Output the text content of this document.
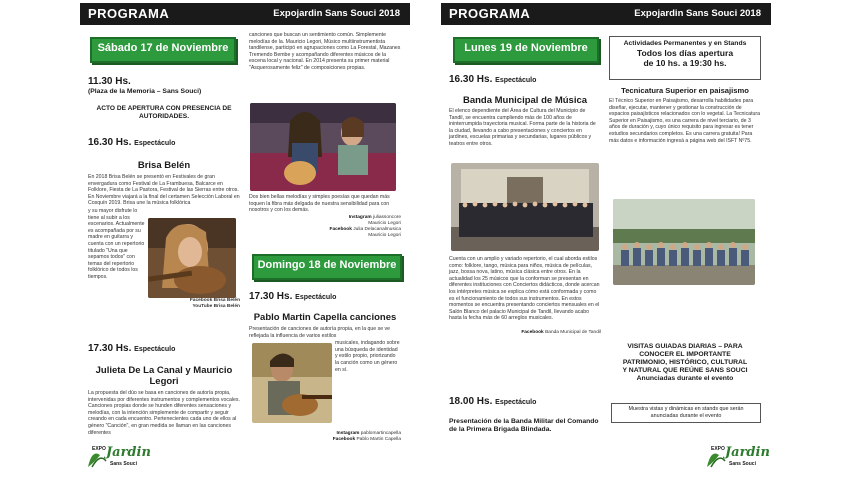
PROGRAMA	Expojardin Sans Souci 2018
Sábado 17 de Noviembre
11.30 Hs.
(Plaza de la Memoria – Sans Souci)
ACTO DE APERTURA CON PRESENCIA DE AUTORIDADES.
16.30 Hs. Espectáculo
Brisa Belén
En 2018 Brisa Belén se presentó en Festivales de gran envergadura como Festival de La Frambuesa, Balcarce en Folklore, Fiesta de La Pastora, Festival de las Sierras entre otros. En Noviembre viajará a la final del certamen Selección Laboral en Cosquín 2019. Brisa une la música folklórica
y su mayor disfrute lo tiene al subir a los escenarios. Actualmente es acompañada por su madre en guitarra y cuenta con un repertorio titulado "Una que sepamos todos" con temas del repertorio folklórico de todos los tiempos.
Facebook Brisa Belén
YouTube Brisa Belén
17.30 Hs. Espectáculo
Julieta De La Canal y Mauricio Legori
La propuesta del dúo se basa en canciones de autoría propia, intervenidas por diferentes instrumentos y complementos vocales. Canciones propias donde se hunden diferentes sensaciones y melodías, con la intención simplemente de compartir y seguir creando en cada encuentro. Pertenecientes cada uno de ellos al género "Canción", en gran medida se llaman en las canciones diferentes
canciones que buscan un sentimiento común. Simplemente melodías de la. Mauricio Legori, Músico multiinstrumentista tandilense, participó en agrupaciones como La Forestal, Mazanes Tremendo Bembe y acompañando diferentes músicos de la escena local y nacional. En 2014 presenta su primer material "Asquerosamente feliz" de composiciones propias.
Dos bien bellas melodías y simples poesías que quedan más toquen la fibra más delgada de nuestra sensibilidad para con nosotros y con los demás.
Instagram juliassoncore
Mauricio Legori
Facebook Julia Delacanalmusica
Mauricio Legori
Domingo 18 de Noviembre
17.30 Hs. Espectáculo
Pablo Martin Capella canciones
Presentación de canciones de autoría propia, en la que se ve reflejada la influencia de varios estilos
musicales, indagando sobre una búsqueda de identidad y estilo propio, priorizando la canción como un género en sí.
Instagram pablomartincapella
Facebook Pablo Martin Capella
EXPO Jardin
Sans Souci
PROGRAMA	Expojardin Sans Souci 2018
Lunes 19 de Noviembre
16.30 Hs. Espectáculo
Banda Municipal de Música
El elenco dependiente del Área de Cultura del Municipio de Tandil, se encuentra cumpliendo más de 100 años de ininterrumpida trayectoria musical. Forma parte de la historia de la ciudad, llevando a cabo presentaciones y conciertos en jardines, escuelas primarias y secundarias, lugares públicos y teatros entre otros.
Cuenta con un amplio y variado repertorio, el cual aborda estilos como: folklore, tango, música para niños, música de películas, jazz, bossa nova, latino, música clásica entre otros. En la actualidad los 25 músicos que la conforman se presentan en diferentes instituciones con Conciertos didácticos, donde acercan los intérpretes música se explica cómo está conformada y como es el funcionamiento de todos sus instrumentos. En estos momentos se encuentra presentando conciertos mensuales en el Salón Blanco del palacio Municipal de Tandil, llevando acabo hasta la fecha más de 60 arreglos musicales.
Facebook Banda Municipal de Tandil
18.00 Hs. Espectáculo
Presentación de la Banda Militar del Comando de la Primera Brigada Blindada.
Actividades Permanentes y en Stands
Todos los días apertura
de 10 hs. a 19:30 hs.
Tecnicatura Superior en paisajismo
El Técnico Superior en Paisajismo, desarrolla habilidades para diseñar, ejecutar, mantener y gestionar la construcción de espacios paisajísticos relacionados con lo vegetal. La Tecnicatura Superior en Paisajismo, es una carrera de nivel terciario, de 3 años de duración y, cuyo único requisito para ingresar es tener estudios secundarios completos. Es una carrera gratuita! Para más datos e información ingresá a página web del ISFT Nº75.
VISITAS GUIADAS DIARIAS – PARA
CONOCER EL IMPORTANTE
PATRIMONIO, HISTÓRICO, CULTURAL
Y NATURAL QUE REÚNE SANS SOUCI
Anunciadas durante el evento
Muestra vistas y dinámicas en stands que serán anunciadas durante el evento
EXPO Jardin
Sans Souci
